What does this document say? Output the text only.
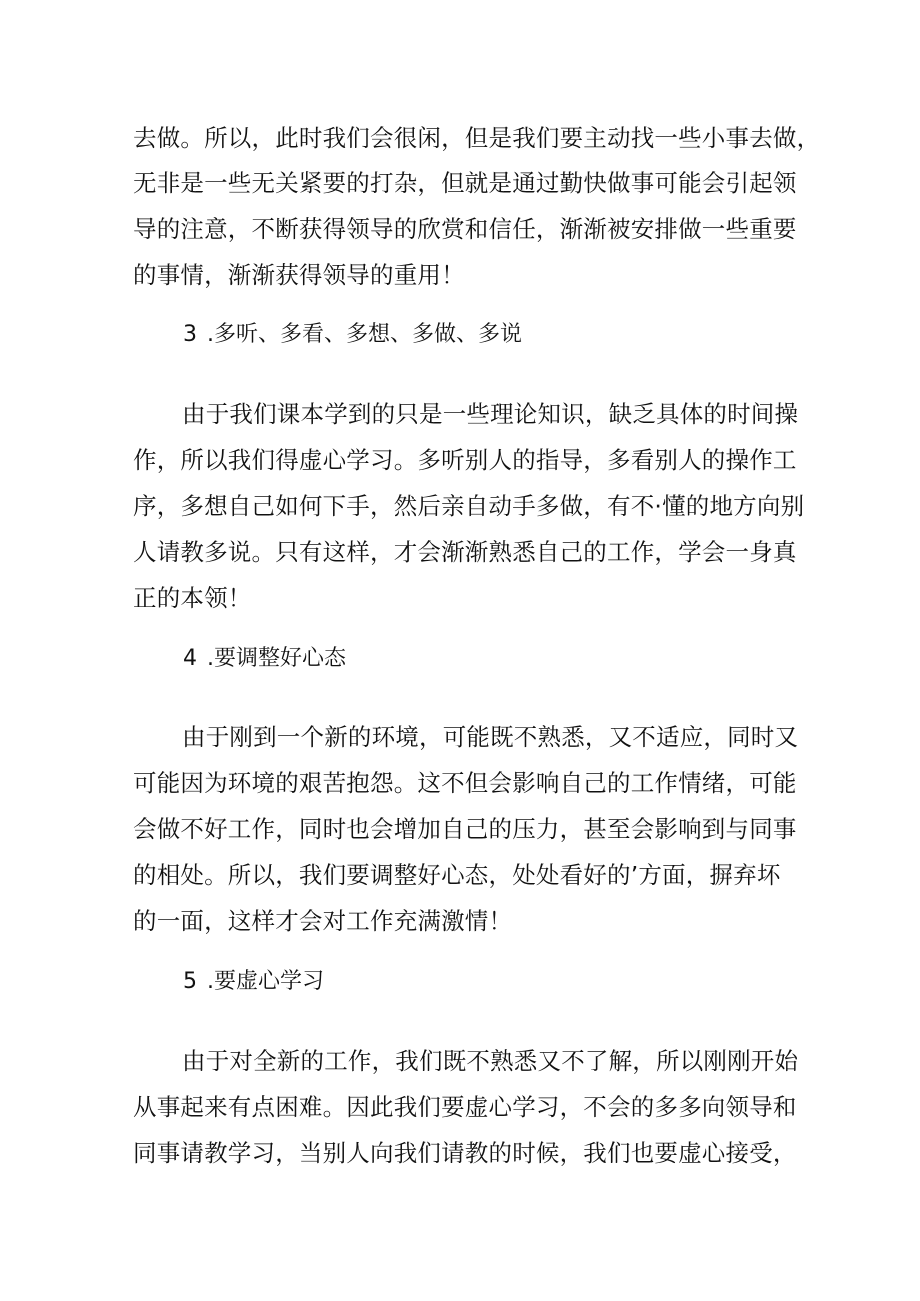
去做。所以，此时我们会很闲，但是我们要主动找一些小事去做，
无非是一些无关紧要的打杂，但就是通过勤快做事可能会引起领
导的注意，不断获得领导的欣赏和信任，渐渐被安排做一些重要
的事情，渐渐获得领导的重用！
3 .多听、多看、多想、多做、多说
由于我们课本学到的只是一些理论知识，缺乏具体的时间操
作，所以我们得虚心学习。多听别人的指导，多看别人的操作工
序，多想自己如何下手，然后亲自动手多做，有不·懂的地方向别
人请教多说。只有这样，才会渐渐熟悉自己的工作，学会一身真
正的本领！
4 .要调整好心态
由于刚到一个新的环境，可能既不熟悉，又不适应，同时又
可能因为环境的艰苦抱怨。这不但会影响自己的工作情绪，可能
会做不好工作，同时也会增加自己的压力，甚至会影响到与同事
的相处。所以，我们要调整好心态，处处看好的’方面，摒弃坏
的一面，这样才会对工作充满激情！
5 .要虚心学习
由于对全新的工作，我们既不熟悉又不了解，所以刚刚开始
从事起来有点困难。因此我们要虚心学习，不会的多多向领导和
同事请教学习，当别人向我们请教的时候，我们也要虚心接受，
